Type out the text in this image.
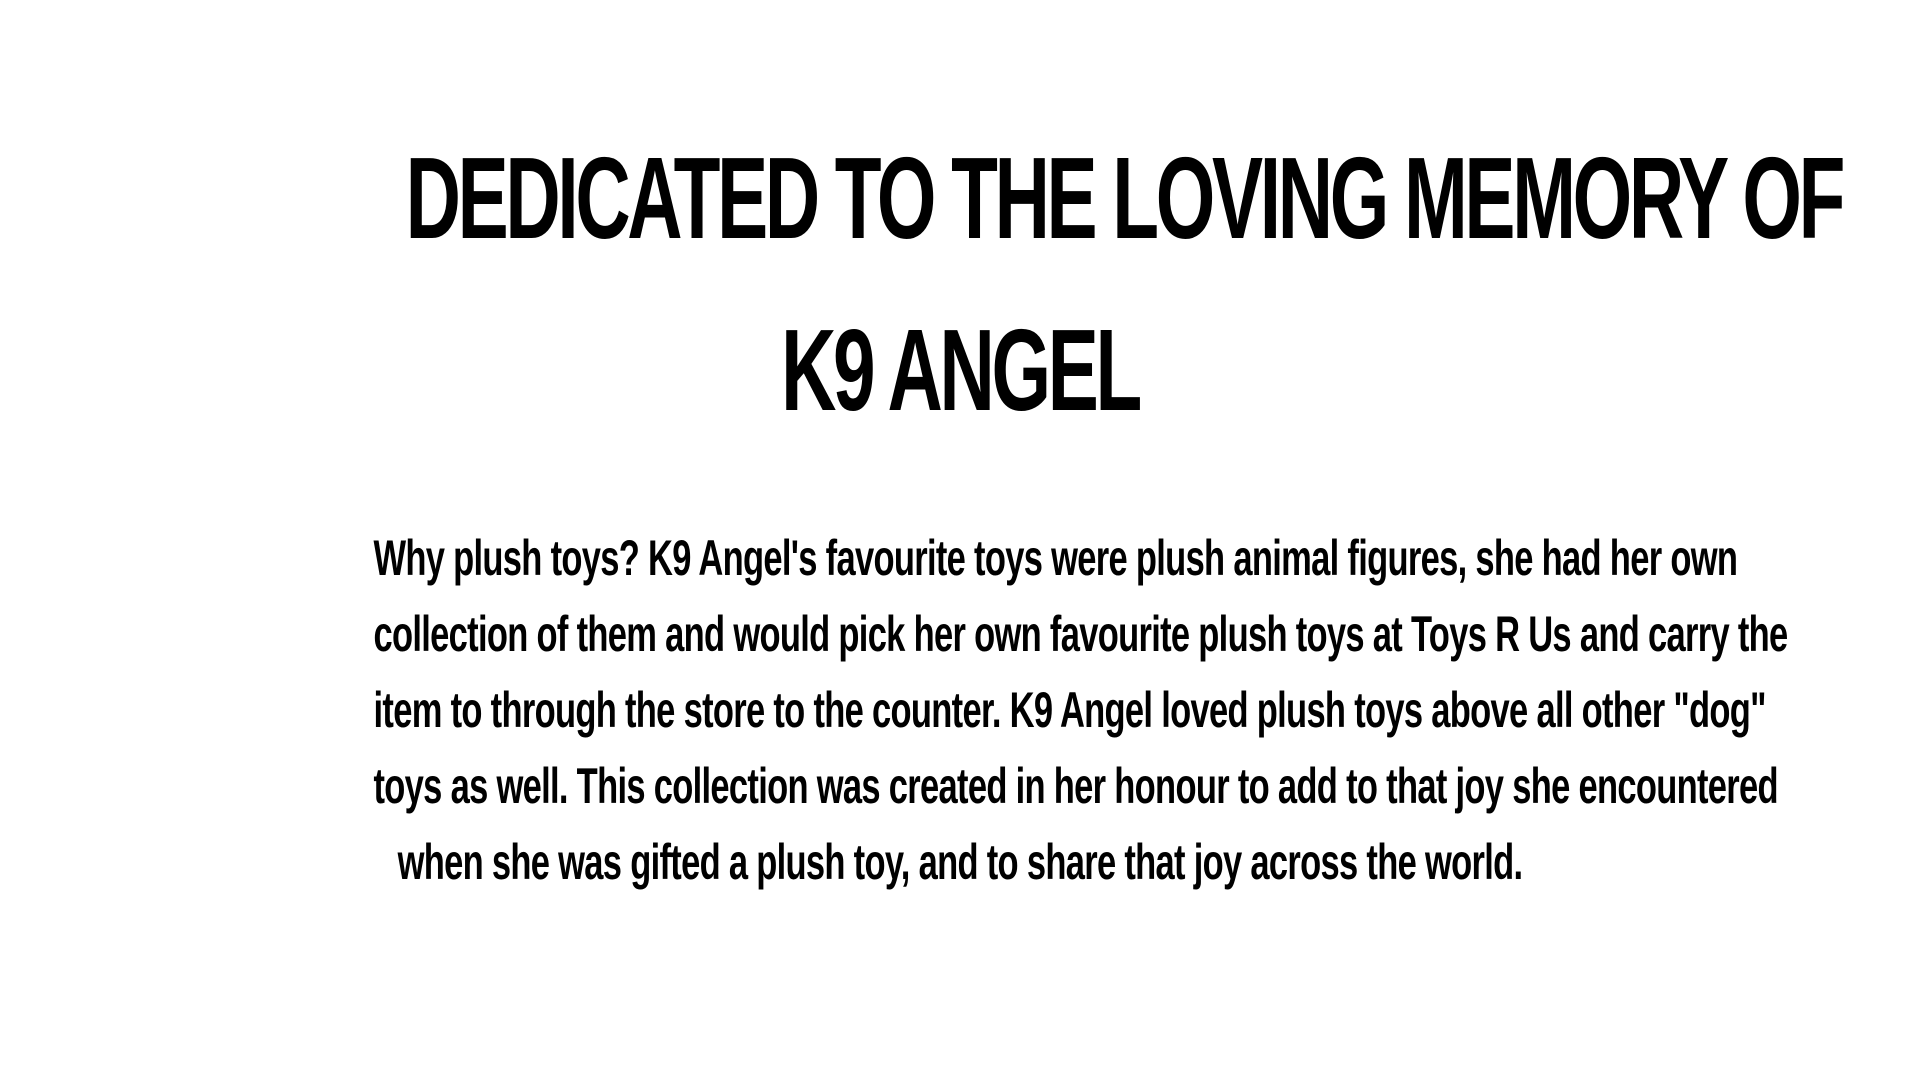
DEDICATED TO THE LOVING MEMORY OF
K9 ANGEL

Why plush toys? K9 Angel's favourite toys were plush animal figures, she had her own
collection of them and would pick her own favourite plush toys at Toys R Us and carry the
item to through the store to the counter. K9 Angel loved plush toys above all other "dog"
toys as well. This collection was created in her honour to add to that joy she encountered
when she was gifted a plush toy, and to share that joy across the world.
